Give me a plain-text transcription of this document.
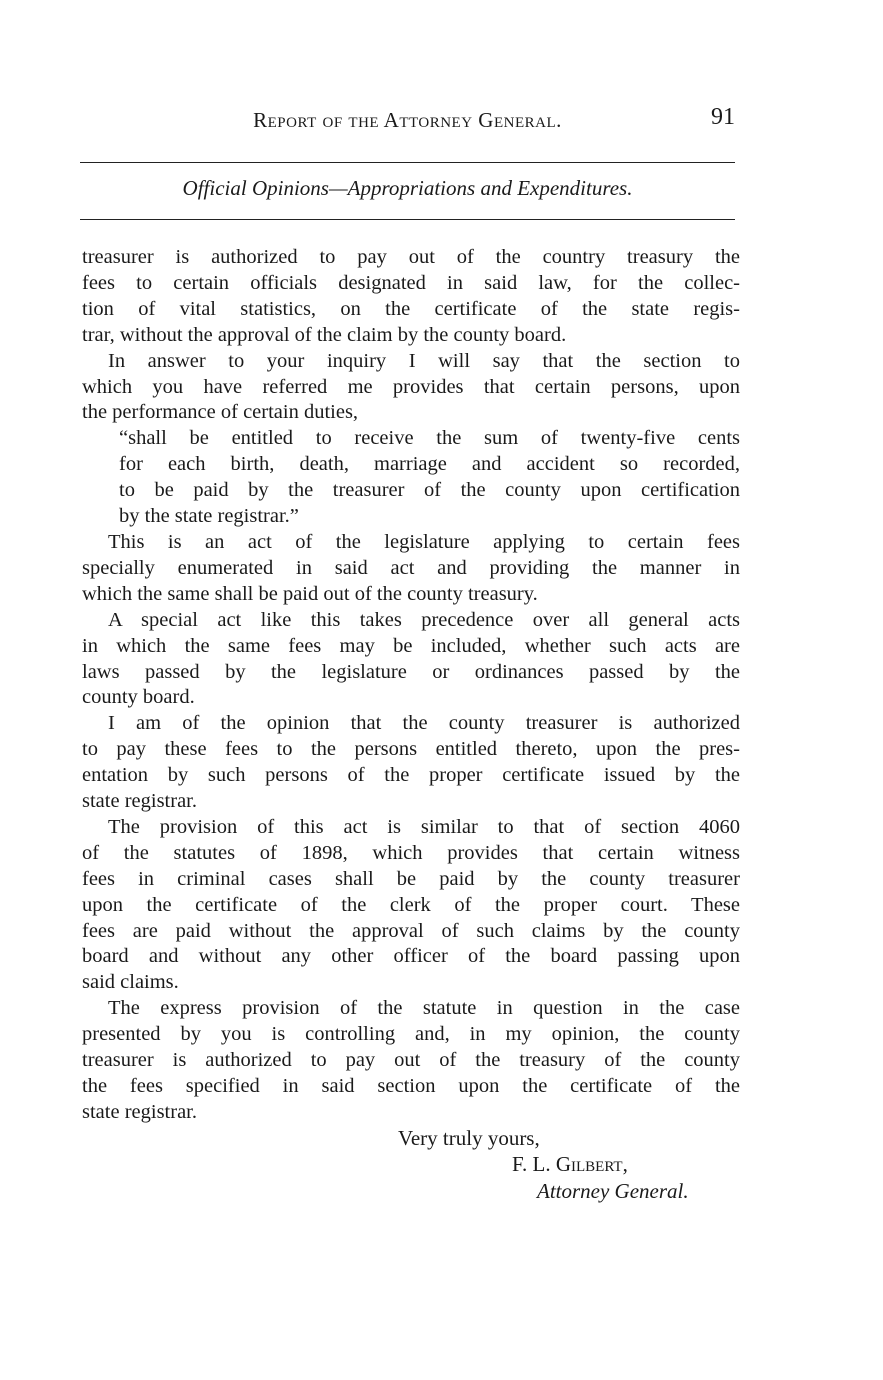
Report of the Attorney General.	91
Official Opinions—Appropriations and Expenditures.
treasurer is authorized to pay out of the country treasury the
fees to certain officials designated in said law, for the collec-
tion of vital statistics, on the certificate of the state regis-
trar, without the approval of the claim by the county board.
In answer to your inquiry I will say that the section to
which you have referred me provides that certain persons, upon
the performance of certain duties,
“shall be entitled to receive the sum of twenty-five cents
for each birth, death, marriage and accident so recorded,
to be paid by the treasurer of the county upon certification
by the state registrar.”
This is an act of the legislature applying to certain fees
specially enumerated in said act and providing the manner in
which the same shall be paid out of the county treasury.
A special act like this takes precedence over all general acts
in which the same fees may be included, whether such acts are
laws passed by the legislature or ordinances passed by the
county board.
I am of the opinion that the county treasurer is authorized
to pay these fees to the persons entitled thereto, upon the pres-
entation by such persons of the proper certificate issued by the
state registrar.
The provision of this act is similar to that of section 4060
of the statutes of 1898, which provides that certain witness
fees in criminal cases shall be paid by the county treasurer
upon the certificate of the clerk of the proper court. These
fees are paid without the approval of such claims by the county
board and without any other officer of the board passing upon
said claims.
The express provision of the statute in question in the case
presented by you is controlling and, in my opinion, the county
treasurer is authorized to pay out of the treasury of the county
the fees specified in said section upon the certificate of the
state registrar.
Very truly yours,
F. L. Gilbert,
Attorney General.
